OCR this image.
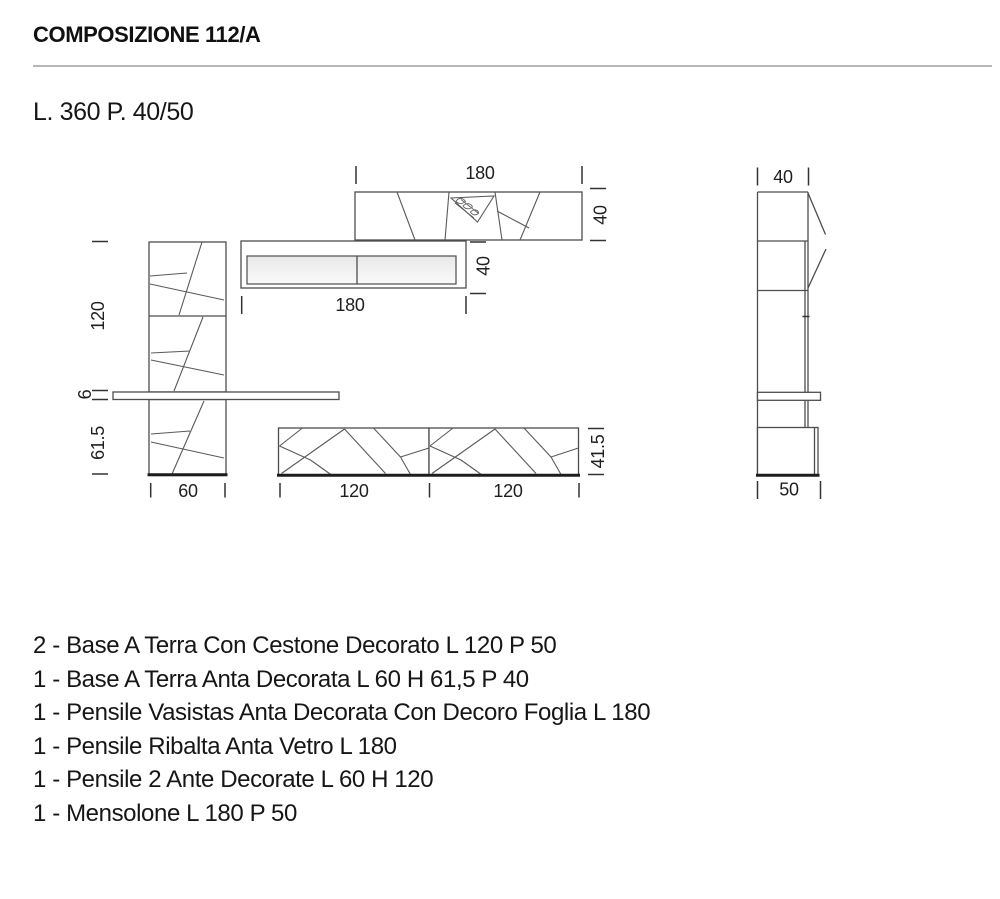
COMPOSIZIONE 112/A
L. 360 P. 40/50
180
40
40
180
120
6
61.5
60	120	120
41.5
40
50
2 - Base A Terra Con Cestone Decorato L 120 P 50
1 - Base A Terra Anta Decorata L 60 H 61,5 P 40
1 - Pensile Vasistas Anta Decorata Con Decoro Foglia L 180
1 - Pensile Ribalta Anta Vetro L 180
1 - Pensile 2 Ante Decorate L 60 H 120
1 - Mensolone L 180 P 50
